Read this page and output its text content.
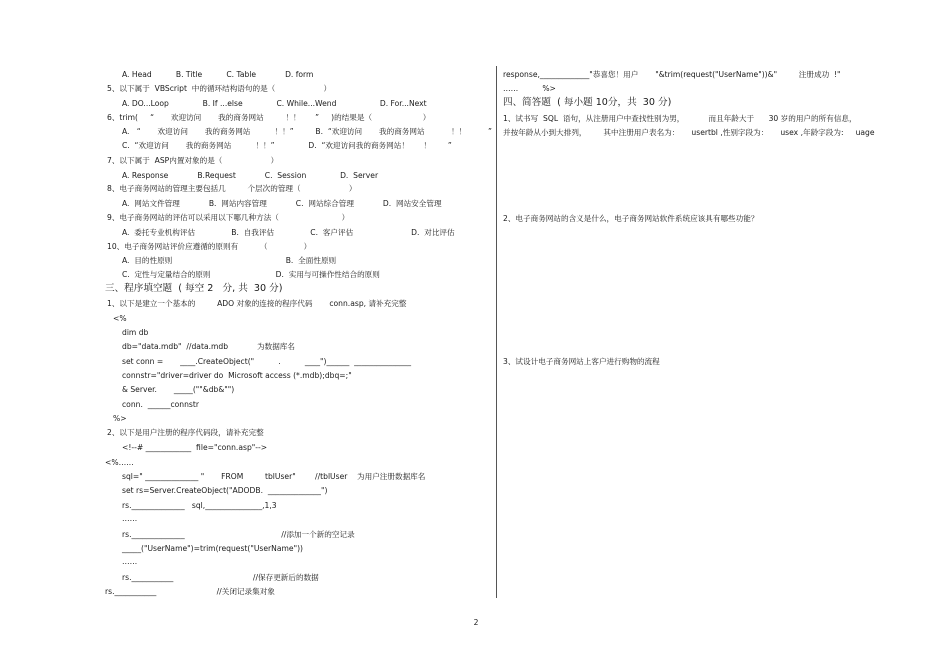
A. Head          B. Title          C. Table            D. form
5、以下属于  VBScript  中的循环结构语句的是（                    ）
A. DO...Loop              B. If ...else              C. While...Wend                  D. For...Next
6、trim(     “       欢迎访问       我的商务网站         ！！      ”     )的结果是（                     ）
A.   “       欢迎访问       我的商务网站          ！！”         B.  “欢迎访问       我的商务网站           ！！         ”
C.  “欢迎访问       我的商务网站          ！！”              D.  “欢迎访问我的商务网站！      ！       ”
7、以下属于  ASP内置对象的是（                    ）
A. Response            B.Request            C.  Session              D.  Server
8、电子商务网站的管理主要包括几         个层次的管理（                    ）
A.  网站文件管理            B.  网站内容管理            C.  网站综合管理            D.  网站安全管理
9、电子商务网站的评估可以采用以下哪几种方法（                          ）
A.  委托专业机构评估               B.  自我评估               C.  客户评估                        D.  对比评估
10、电子商务网站评价应遵循的原则有         （               ）
A.  目的性原则                                               B.  全面性原则
C.  定性与定量结合的原则                           D.  实用与可操作性结合的原则
三、程序填空题  ( 每空 2   分, 共  30 分)
1、以下是建立一个基本的         ADO 对象的连接的程序代码       conn.asp, 请补充完整
<%
dim db
db="data.mdb"  //data.mdb            为数据库名
set conn =       ____.CreateObject("          .          ____")______  _______________
connstr="driver=driver do  Microsoft access (*.mdb);dbq=;"
& Server.       _____(""&db&"")
conn.  ______connstr
%>
2、以下是用户注册的程序代码段，请补充完整
<!--# ____________  file="conn.asp"-->
<%……
sql=" ______________ "       FROM         tblUser"        //tblUser    为用户注册数据库名
set rs=Server.CreateObject("ADODB.  ______________")
rs.______________   sql,_______________,1,3
……
rs.______________                                        //添加一个新的空记录
_____("UserName")=trim(request("UserName"))
……
rs.___________                                 //保存更新后的数据
rs.___________                         //关闭记录集对象
response,_____________"恭喜您！用户       "&trim(request("UserName"))&"         注册成功  !"
……          %>
四、简答题  ( 每小题 10分，共  30 分)
1、试书写  SQL  语句，从注册用户中查找性别为男，          而且年龄大于      30 岁的用户的所有信息，
并按年龄从小到大排列，       其中注册用户表名为：     usertbl ,性别字段为：     usex ,年龄字段为:     uage
2、电子商务网站的含义是什么，电子商务网站软件系统应该具有哪些功能？
3、试设计电子商务网站上客户进行购物的流程
2
